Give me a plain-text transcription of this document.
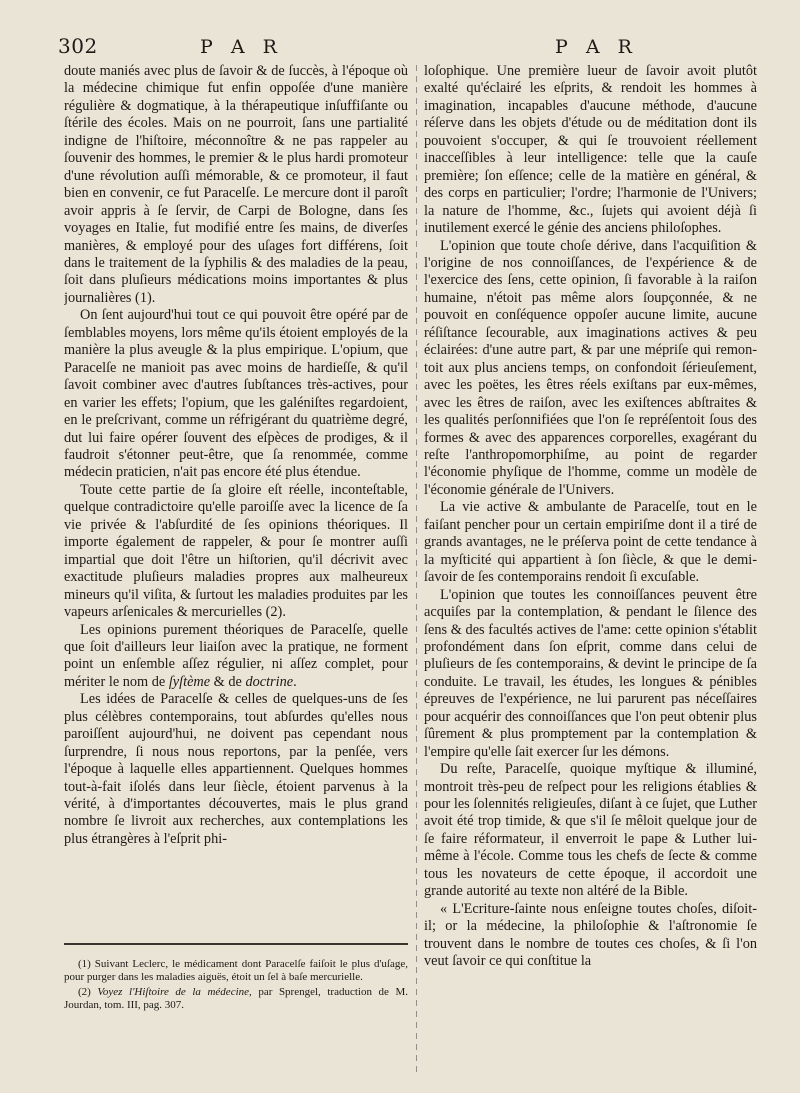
302	P A R	P A R

doute maniés avec plus de ſavoir & de ſuccès, à l'époque où la médecine chimique fut enfin oppoſée d'une manière régulière & dogmatique, à la thérapeutique inſuffiſante ou ſtérile des écoles. Mais on ne pourroit, ſans une partialité indigne de l'hiſtoire, méconnoître & ne pas rappeler au ſouvenir des hommes, le premier & le plus hardi promoteur d'une révolution auſſi mémorable, & ce promoteur, il faut bien en convenir, ce fut Paracelſe. Le mercure dont il paroît avoir appris à ſe ſervir, de Carpi de Bologne, dans ſes voyages en Italie, fut modifié entre ſes mains, de diverſes manières, & employé pour des uſages fort différens, ſoit dans le traitement de la ſyphilis & des maladies de la peau, ſoit dans pluſieurs médications moins importantes & plus journalières (1).

On ſent aujourd'hui tout ce qui pouvoit être opéré par de ſemblables moyens, lors même qu'ils étoient employés de la manière la plus aveugle & la plus empirique. L'opium, que Paracelſe ne manioit pas avec moins de hardieſſe, & qu'il ſavoit combiner avec d'autres ſubſtances très-actives, pour en varier les effets; l'opium, que les galéniſtes regardoient, en le preſcrivant, comme un réfrigérant du quatrième degré, dut lui faire opérer ſouvent des eſpèces de prodiges, & il faudroit s'étonner peut-être, que ſa renommée, comme médecin praticien, n'ait pas encore été plus étendue.

Toute cette partie de ſa gloire eſt réelle, inconteſtable, quelque contradictoire qu'elle paroiſſe avec la licence de ſa vie privée & l'abſurdité de ſes opinions théoriques. Il importe également de rappeler, & pour ſe montrer auſſi impartial que doit l'être un hiſtorien, qu'il décrivit avec exactitude pluſieurs maladies propres aux malheureux mineurs qu'il viſita, & ſurtout les maladies produites par les vapeurs arſenicales & mercurielles (2).

Les opinions purement théoriques de Paracelſe, quelle que ſoit d'ailleurs leur liaiſon avec la pratique, ne forment point un enſemble aſſez régulier, ni aſſez complet, pour mériter le nom de ſyſtème & de doctrine.

Les idées de Paracelſe & celles de quelques-uns de ſes plus célèbres contemporains, tout abſurdes qu'elles nous paroiſſent aujourd'hui, ne doivent pas cependant nous ſurprendre, ſi nous nous reportons, par la penſée, vers l'époque à laquelle elles appartiennent. Quelques hommes tout-à-fait iſolés dans leur ſiècle, étoient parvenus à la vérité, à d'importantes découvertes, mais le plus grand nombre ſe livroit aux recherches, aux contemplations les plus étrangères à l'eſprit phi-

(1) Suivant Leclerc, le médicament dont Paracelſe faiſoit le plus d'uſage, pour purger dans les maladies aiguës, étoit un ſel à baſe mercurielle.

(2) Voyez l'Hiſtoire de la médecine, par Sprengel, traduction de M. Jourdan, tom. III, pag. 307.

loſophique. Une première lueur de ſavoir avoit plutôt exalté qu'éclairé les eſprits, & rendoit les hommes à imagination, incapables d'aucune méthode, d'aucune réſerve dans les objets d'étude ou de méditation dont ils pouvoient s'occuper, & qui ſe trouvoient réellement inacceſſibles à leur intelligence: telle que la cauſe première; ſon eſſence; celle de la matière en général, & des corps en particulier; l'ordre; l'harmonie de l'Univers; la nature de l'homme, &c., ſujets qui avoient déjà ſi inutilement exercé le génie des anciens philoſophes.

L'opinion que toute choſe dérive, dans l'acquiſition & l'origine de nos connoiſſances, de l'expérience & de l'exercice des ſens, cette opinion, ſi favorable à la raiſon humaine, n'étoit pas même alors ſoupçonnée, & ne pouvoit en conſéquence oppoſer aucune limite, aucune réſiſtance ſecourable, aux imaginations actives & peu éclairées: d'une autre part, & par une mépriſe qui remontoit aux plus anciens temps, on confondoit ſérieuſement, avec les poëtes, les êtres réels exiſtans par eux-mêmes, avec les êtres de raiſon, avec les exiſtences abſtraites & les qualités perſonnifiées que l'on ſe repréſentoit ſous des formes & avec des apparences corporelles, exagérant du reſte l'anthropomorphiſme, au point de regarder l'économie phyſique de l'homme, comme un modèle de l'économie générale de l'Univers.

La vie active & ambulante de Paracelſe, tout en le faiſant pencher pour un certain empiriſme dont il a tiré de grands avantages, ne le préſerva point de cette tendance à la myſticité qui appartient à ſon ſiècle, & que le demi-ſavoir de ſes contemporains rendoit ſi excuſable.

L'opinion que toutes les connoiſſances peuvent être acquiſes par la contemplation, & pendant le ſilence des ſens & des facultés actives de l'ame: cette opinion s'établit profondément dans ſon eſprit, comme dans celui de pluſieurs de ſes contemporains, & devint le principe de ſa conduite. Le travail, les études, les longues & pénibles épreuves de l'expérience, ne lui parurent pas néceſſaires pour acquérir des connoiſſances que l'on peut obtenir plus ſûrement & plus promptement par la contemplation & l'empire qu'elle ſait exercer ſur les démons.

Du reſte, Paracelſe, quoique myſtique & illuminé, montroit très-peu de reſpect pour les religions établies & pour les ſolennités religieuſes, diſant à ce ſujet, que Luther avoit été trop timide, & que s'il ſe mêloit quelque jour de ſe faire réformateur, il enverroit le pape & Luther lui-même à l'école. Comme tous les chefs de ſecte & comme tous les novateurs de cette époque, il accordoit une grande autorité au texte non altéré de la Bible.

« L'Ecriture-ſainte nous enſeigne toutes choſes, diſoit-il; or la médecine, la philoſophie & l'aſtronomie ſe trouvent dans le nombre de toutes ces choſes, & ſi l'on veut ſavoir ce qui conſtitue la
